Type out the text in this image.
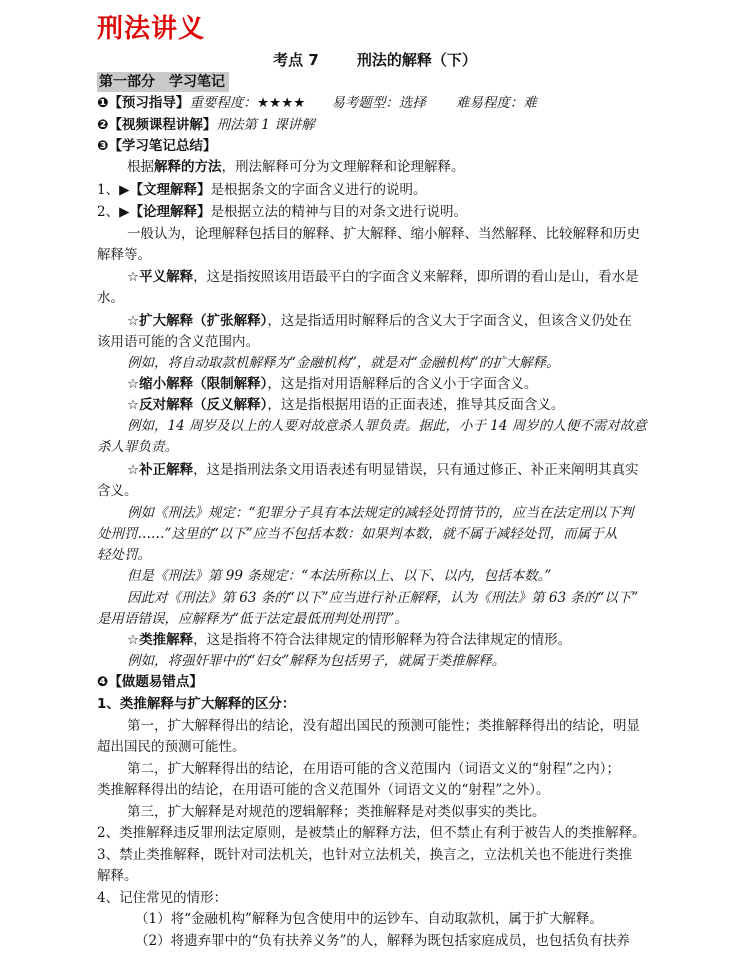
刑法讲义
考点 7	刑法的解释（下）
第一部分　学习笔记
❶【预习指导】重要程度：★★★★ 易考题型：选择 难易程度：难
❷【视频课程讲解】刑法第 1 课讲解
❸【学习笔记总结】
根据解释的方法，刑法解释可分为文理解释和论理解释。
1、▶【文理解释】是根据条文的字面含义进行的说明。
2、▶【论理解释】是根据立法的精神与目的对条文进行说明。
一般认为，论理解释包括目的解释、扩大解释、缩小解释、当然解释、比较解释和历史
解释等。
☆平义解释，这是指按照该用语最平白的字面含义来解释，即所谓的看山是山，看水是
水。
☆扩大解释（扩张解释），这是指适用时解释后的含义大于字面含义，但该含义仍处在
该用语可能的含义范围内。
例如，将自动取款机解释为“金融机构”，就是对“金融机构”的扩大解释。
☆缩小解释（限制解释），这是指对用语解释后的含义小于字面含义。
☆反对解释（反义解释），这是指根据用语的正面表述，推导其反面含义。
例如，14 周岁及以上的人要对故意杀人罪负责。据此，小于 14 周岁的人便不需对故意
杀人罪负责。
☆补正解释，这是指刑法条文用语表述有明显错误，只有通过修正、补正来阐明其真实
含义。
例如《刑法》规定：“犯罪分子具有本法规定的减轻处罚情节的，应当在法定刑以下判
处刑罚……”这里的“以下”应当不包括本数：如果判本数，就不属于减轻处罚，而属于从
轻处罚。
但是《刑法》第 99 条规定：“本法所称以上、以下、以内，包括本数。”
因此对《刑法》第 63 条的“以下”应当进行补正解释，认为《刑法》第 63 条的“以下”
是用语错误，应解释为“低于法定最低刑判处刑罚”。
☆类推解释，这是指将不符合法律规定的情形解释为符合法律规定的情形。
例如，将强奸罪中的“妇女”解释为包括男子，就属于类推解释。
❹【做题易错点】
1、类推解释与扩大解释的区分：
第一，扩大解释得出的结论，没有超出国民的预测可能性；类推解释得出的结论，明显
超出国民的预测可能性。
第二，扩大解释得出的结论，在用语可能的含义范围内（词语文义的“射程”之内）；
类推解释得出的结论，在用语可能的含义范围外（词语文义的“射程”之外）。
第三，扩大解释是对规范的逻辑解释；类推解释是对类似事实的类比。
2、类推解释违反罪刑法定原则，是被禁止的解释方法，但不禁止有利于被告人的类推解释。
3、禁止类推解释，既针对司法机关，也针对立法机关，换言之，立法机关也不能进行类推
解释。
4、记住常见的情形：
（1）将“金融机构”解释为包含使用中的运钞车、自动取款机，属于扩大解释。
（2）将遗弃罪中的“负有扶养义务”的人，解释为既包括家庭成员，也包括负有扶养
